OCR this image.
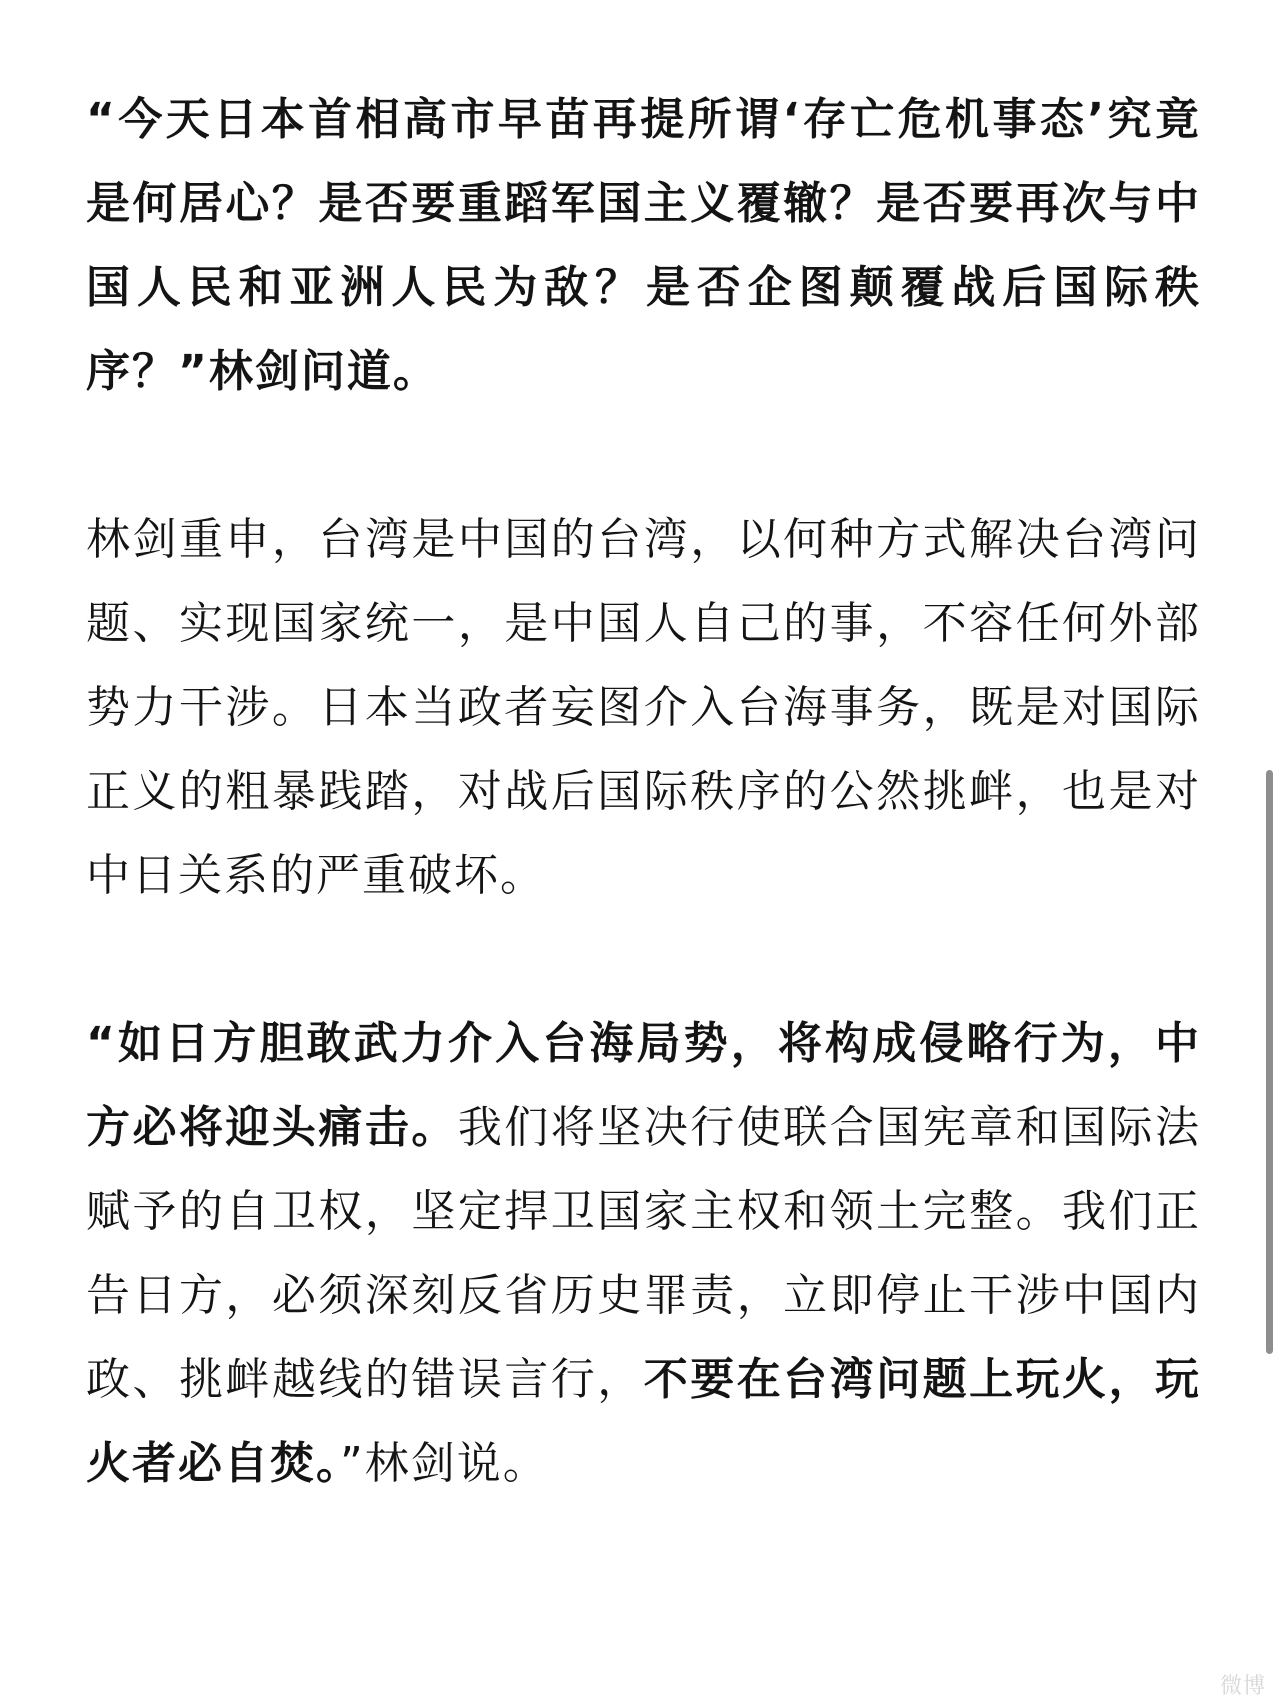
“今天日本首相高市早苗再提所谓‘存亡危机事态’究竟是何居心？是否要重蹈军国主义覆辙？是否要再次与中国人民和亚洲人民为敌？是否企图颠覆战后国际秩序？”林剑问道。

林剑重申，台湾是中国的台湾，以何种方式解决台湾问题、实现国家统一，是中国人自己的事，不容任何外部势力干涉。日本当政者妄图介入台海事务，既是对国际正义的粗暴践踏，对战后国际秩序的公然挑衅，也是对中日关系的严重破坏。

“如日方胆敢武力介入台海局势，将构成侵略行为，中方必将迎头痛击。我们将坚决行使联合国宪章和国际法赋予的自卫权，坚定捍卫国家主权和领土完整。我们正告日方，必须深刻反省历史罪责，立即停止干涉中国内政、挑衅越线的错误言行，不要在台湾问题上玩火，玩火者必自焚。”林剑说。

微博
